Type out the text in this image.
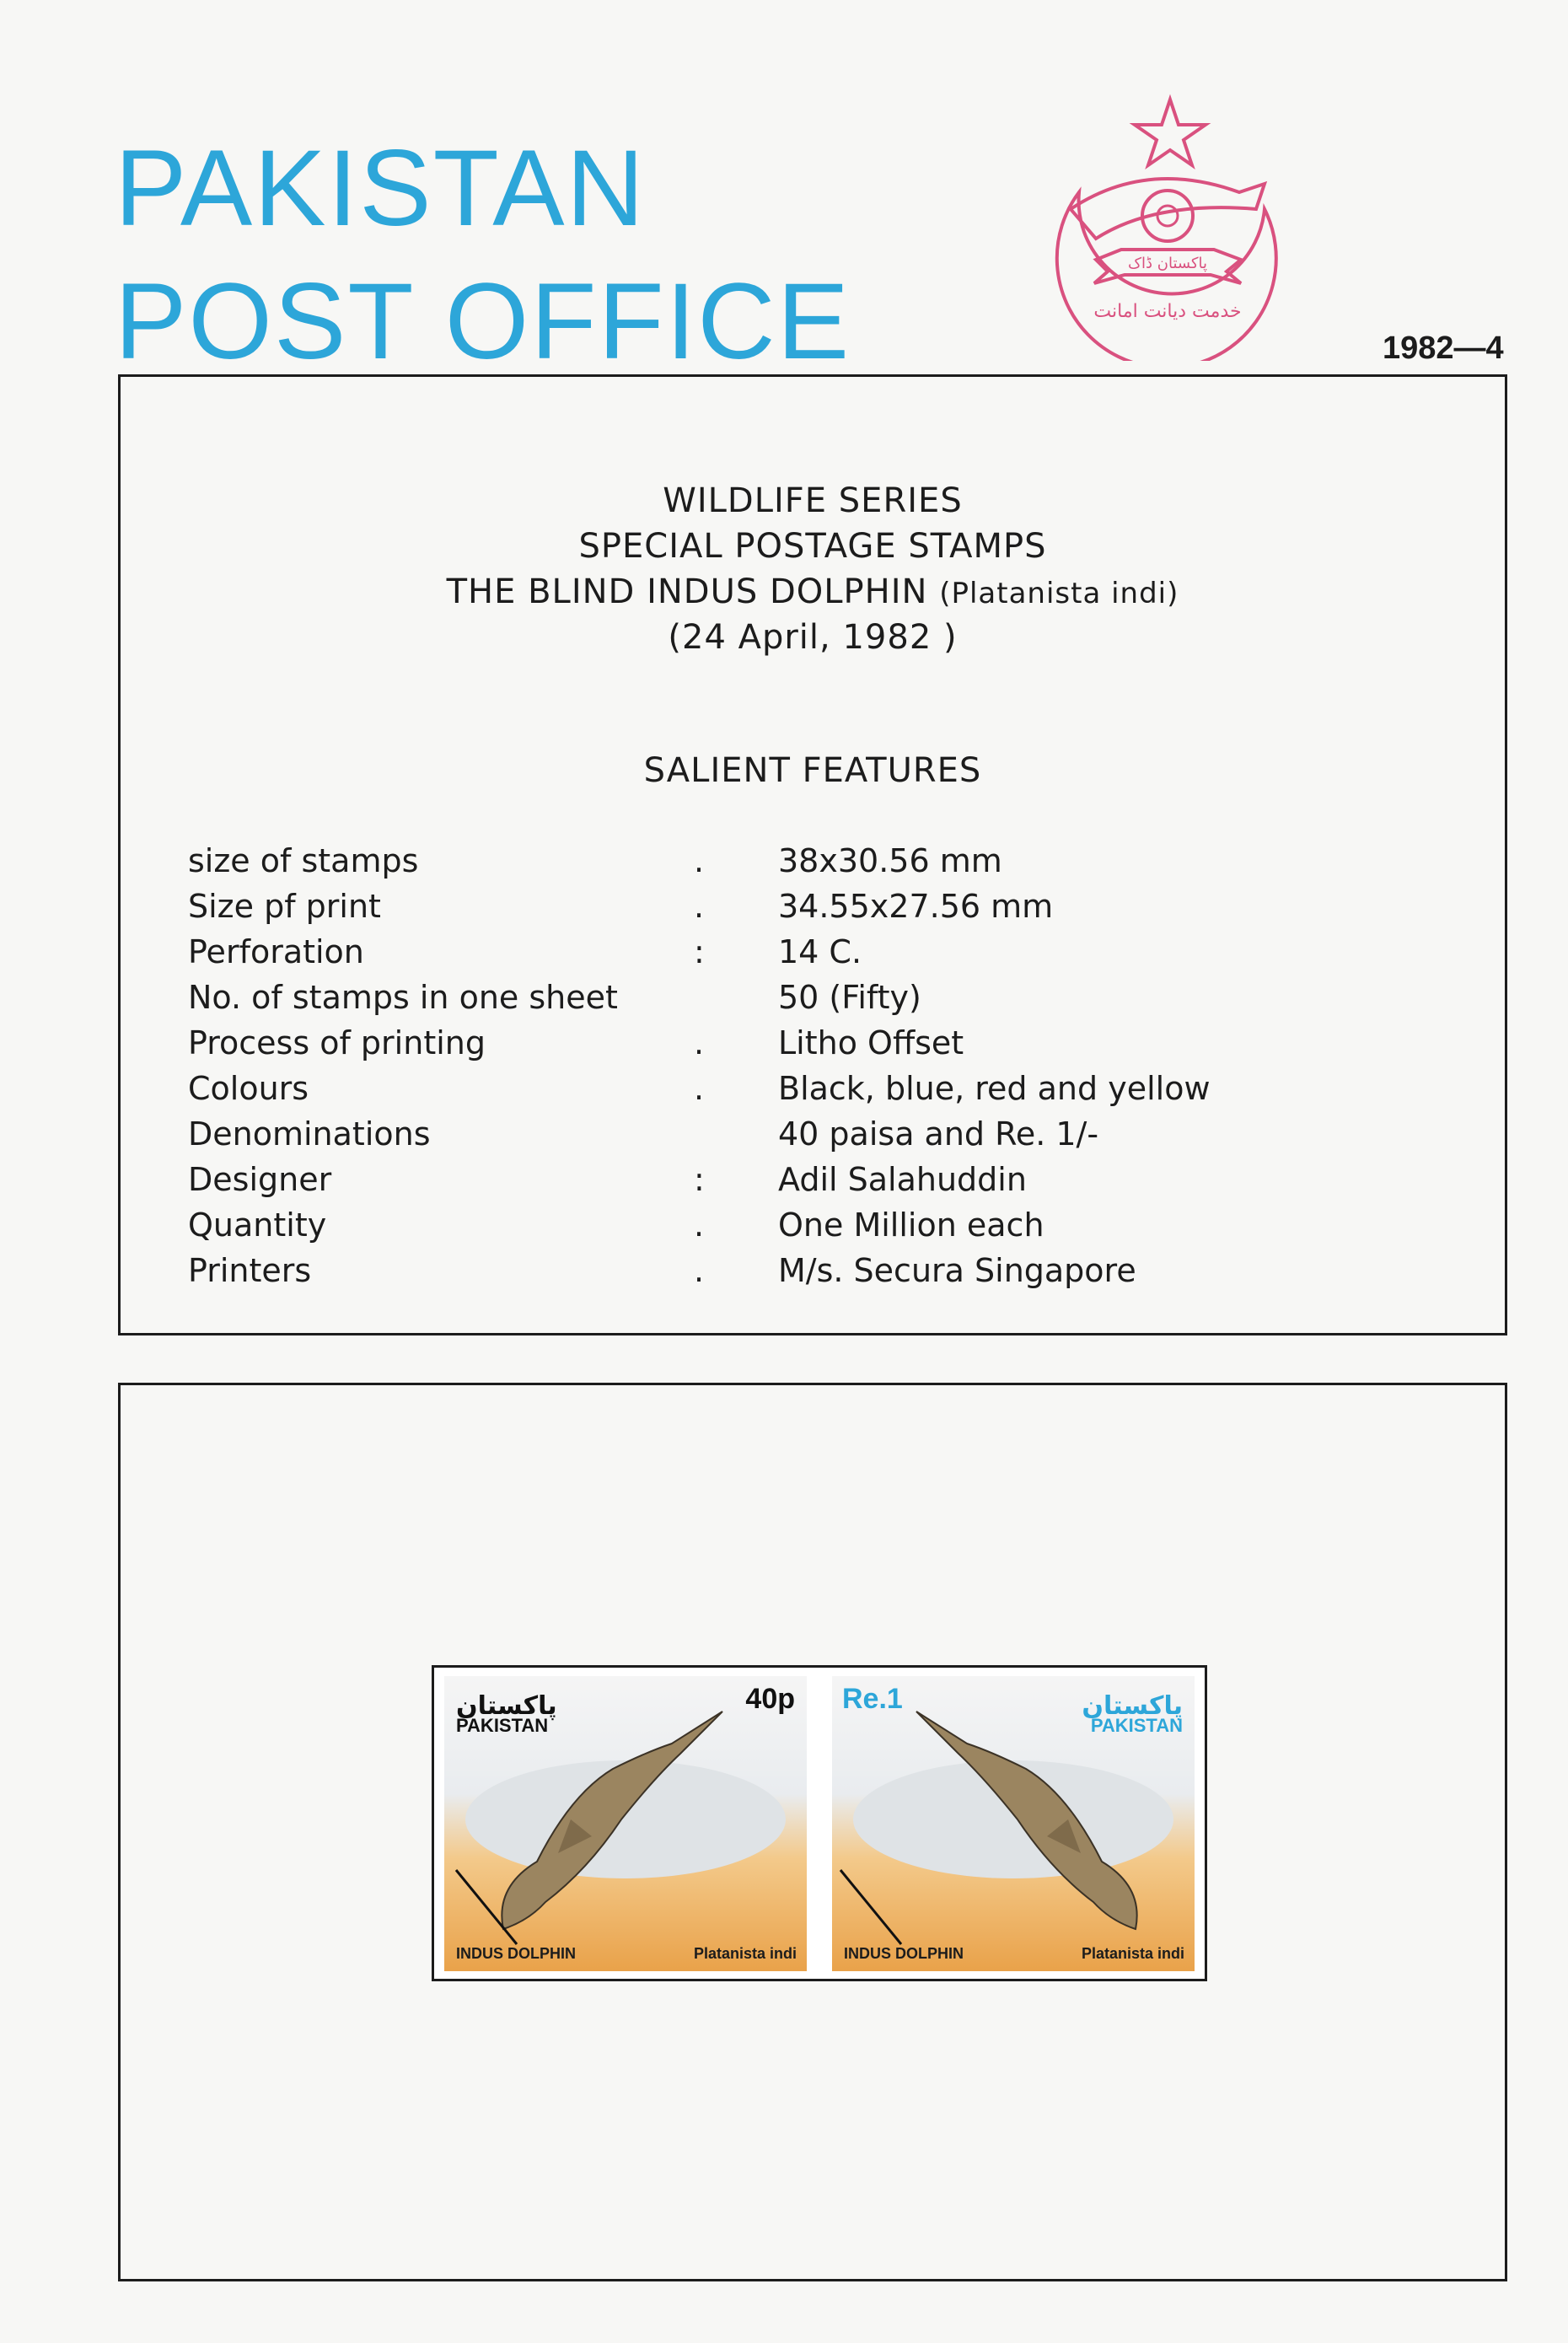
PAKISTAN
POST OFFICE	پاکستان ڈاک
خدمت دیانت امانت
1982—4
WILDLIFE SERIES
SPECIAL POSTAGE STAMPS
THE BLIND INDUS DOLPHIN (Platanista indi)
(24 April, 1982 )
SALIENT FEATURES
size of stamps	. 38x30.56 mm
Size pf print	. 34.55x27.56 mm
Perforation	: 14 C.
No. of stamps in one sheet	50 (Fifty)
Process of printing	. Litho Offset
Colours	. Black, blue, red and yellow
Denominations	40 paisa and Re. 1/-
Designer	: Adil Salahuddin
Quantity	. One Million each
Printers	. M/s. Secura Singapore
پاکستان
PAKISTAN
40p
INDUS DOLPHIN	Platanista indi
پاکستان
PAKISTAN
Re.1
INDUS DOLPHIN	Platanista indi
